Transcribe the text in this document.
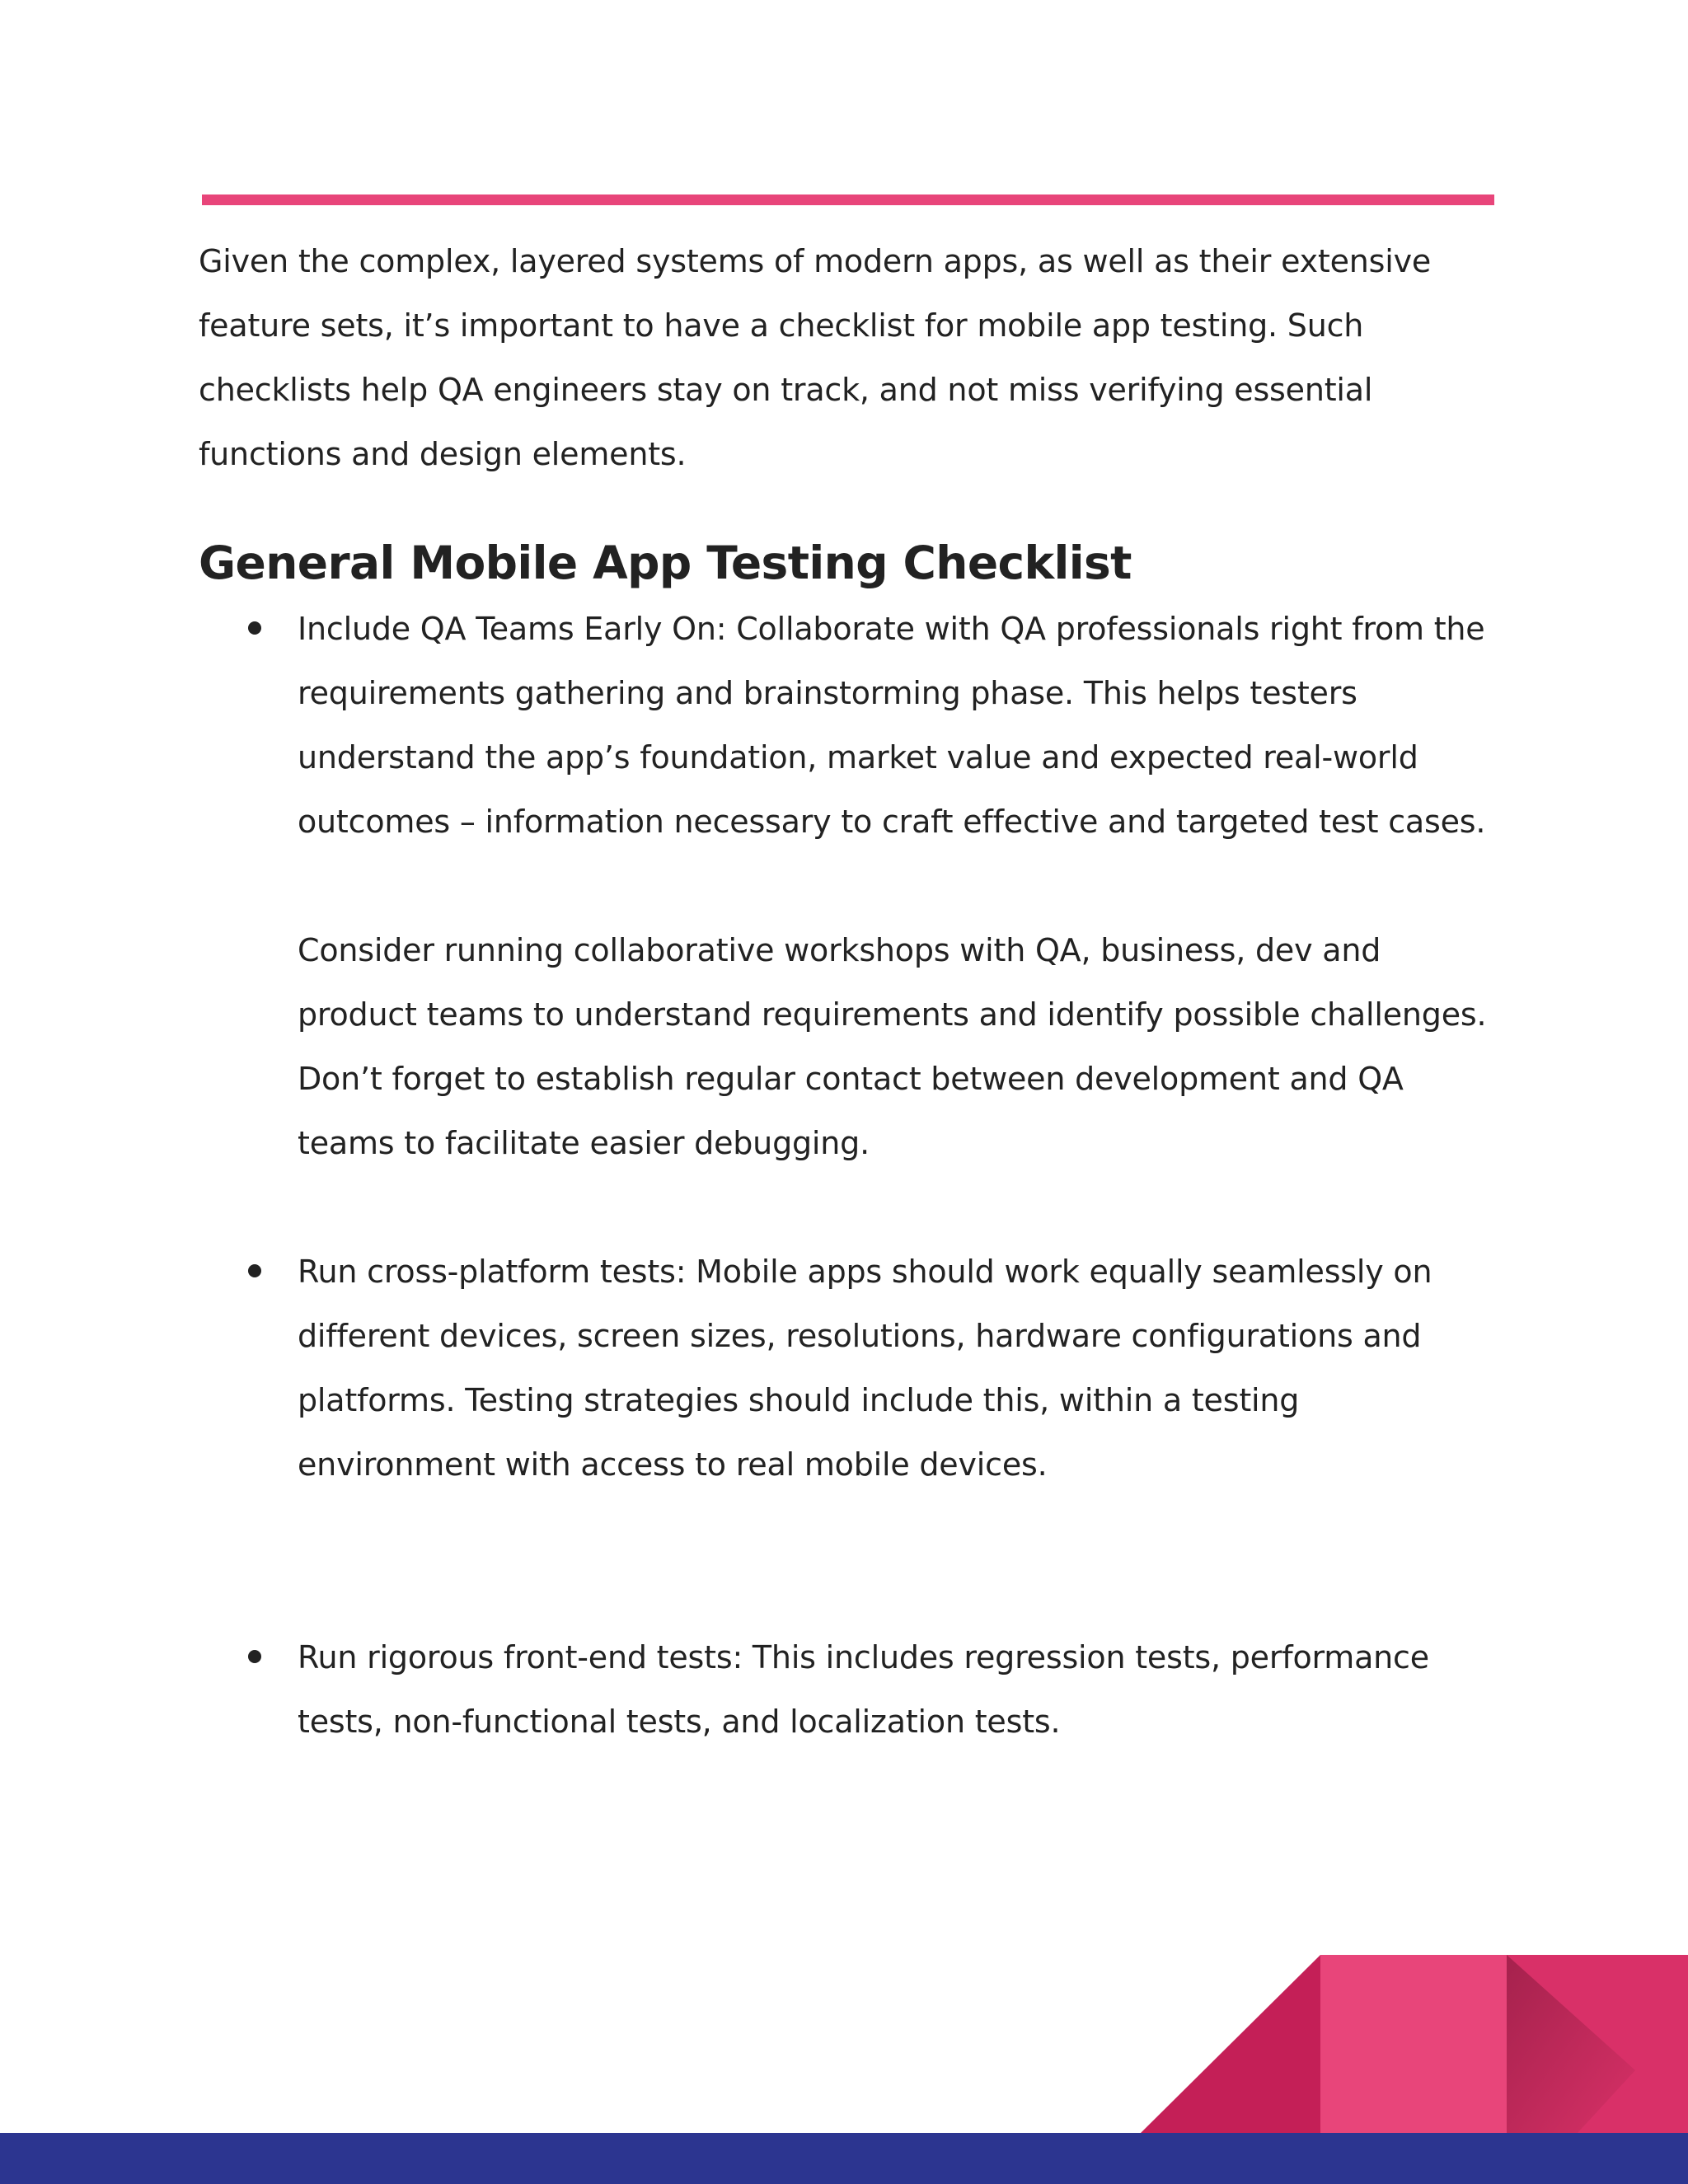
Given the complex, layered systems of modern apps, as well as their extensive feature sets, it’s important to have a checklist for mobile app testing. Such checklists help QA engineers stay on track, and not miss verifying essential functions and design elements.

General Mobile App Testing Checklist

Include QA Teams Early On: Collaborate with QA professionals right from the requirements gathering and brainstorming phase. This helps testers understand the app’s foundation, market value and expected real-world outcomes – information necessary to craft effective and targeted test cases.

Consider running collaborative workshops with QA, business, dev and product teams to understand requirements and identify possible challenges. Don’t forget to establish regular contact between development and QA teams to facilitate easier debugging.

Run cross-platform tests: Mobile apps should work equally seamlessly on different devices, screen sizes, resolutions, hardware configurations and platforms. Testing strategies should include this, within a testing environment with access to real mobile devices.

Run rigorous front-end tests: This includes regression tests, performance tests, non-functional tests, and localization tests.
